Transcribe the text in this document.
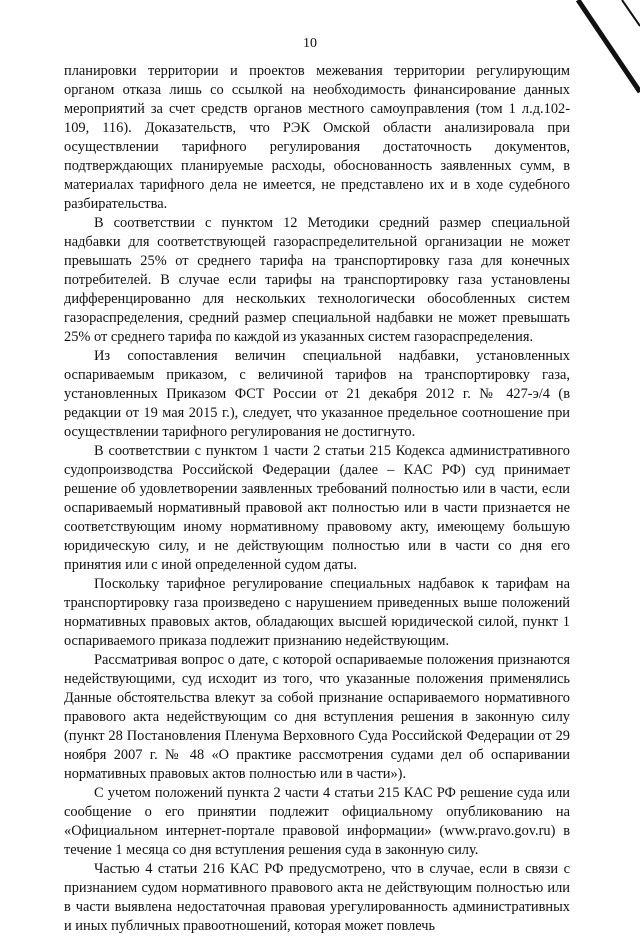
10

планировки территории и проектов межевания территории регулирующим органом отказа лишь со ссылкой на необходимость финансирование данных мероприятий за счет средств органов местного самоуправления (том 1 л.д.102-109, 116). Доказательств, что РЭК Омской области анализировала при осуществлении тарифного регулирования достаточность документов, подтверждающих планируемые расходы, обоснованность заявленных сумм, в материалах тарифного дела не имеется, не представлено их и в ходе судебного разбирательства.

В соответствии с пунктом 12 Методики средний размер специальной надбавки для соответствующей газораспределительной организации не может превышать 25% от среднего тарифа на транспортировку газа для конечных потребителей. В случае если тарифы на транспортировку газа установлены дифференцированно для нескольких технологически обособленных систем газораспределения, средний размер специальной надбавки не может превышать 25% от среднего тарифа по каждой из указанных систем газораспределения.

Из сопоставления величин специальной надбавки, установленных оспариваемым приказом, с величиной тарифов на транспортировку газа, установленных Приказом ФСТ России от 21 декабря 2012 г. № 427-э/4 (в редакции от 19 мая 2015 г.), следует, что указанное предельное соотношение при осуществлении тарифного регулирования не достигнуто.

В соответствии с пунктом 1 части 2 статьи 215 Кодекса административного судопроизводства Российской Федерации (далее – КАС РФ) суд принимает решение об удовлетворении заявленных требований полностью или в части, если оспариваемый нормативный правовой акт полностью или в части признается не соответствующим иному нормативному правовому акту, имеющему большую юридическую силу, и не действующим полностью или в части со дня его принятия или с иной определенной судом даты.

Поскольку тарифное регулирование специальных надбавок к тарифам на транспортировку газа произведено с нарушением приведенных выше положений нормативных правовых актов, обладающих высшей юридической силой, пункт 1 оспариваемого приказа подлежит признанию недействующим.

Рассматривая вопрос о дате, с которой оспариваемые положения признаются недействующими, суд исходит из того, что указанные положения применялись Данные обстоятельства влекут за собой признание оспариваемого нормативного правового акта недействующим со дня вступления решения в законную силу (пункт 28 Постановления Пленума Верховного Суда Российской Федерации от 29 ноября 2007 г. № 48 «О практике рассмотрения судами дел об оспаривании нормативных правовых актов полностью или в части»).

С учетом положений пункта 2 части 4 статьи 215 КАС РФ решение суда или сообщение о его принятии подлежит официальному опубликованию на «Официальном интернет-портале правовой информации» (www.pravo.gov.ru) в течение 1 месяца со дня вступления решения суда в законную силу.

Частью 4 статьи 216 КАС РФ предусмотрено, что в случае, если в связи с признанием судом нормативного правового акта не действующим полностью или в части выявлена недостаточная правовая урегулированность административных и иных публичных правоотношений, которая может повлечь
